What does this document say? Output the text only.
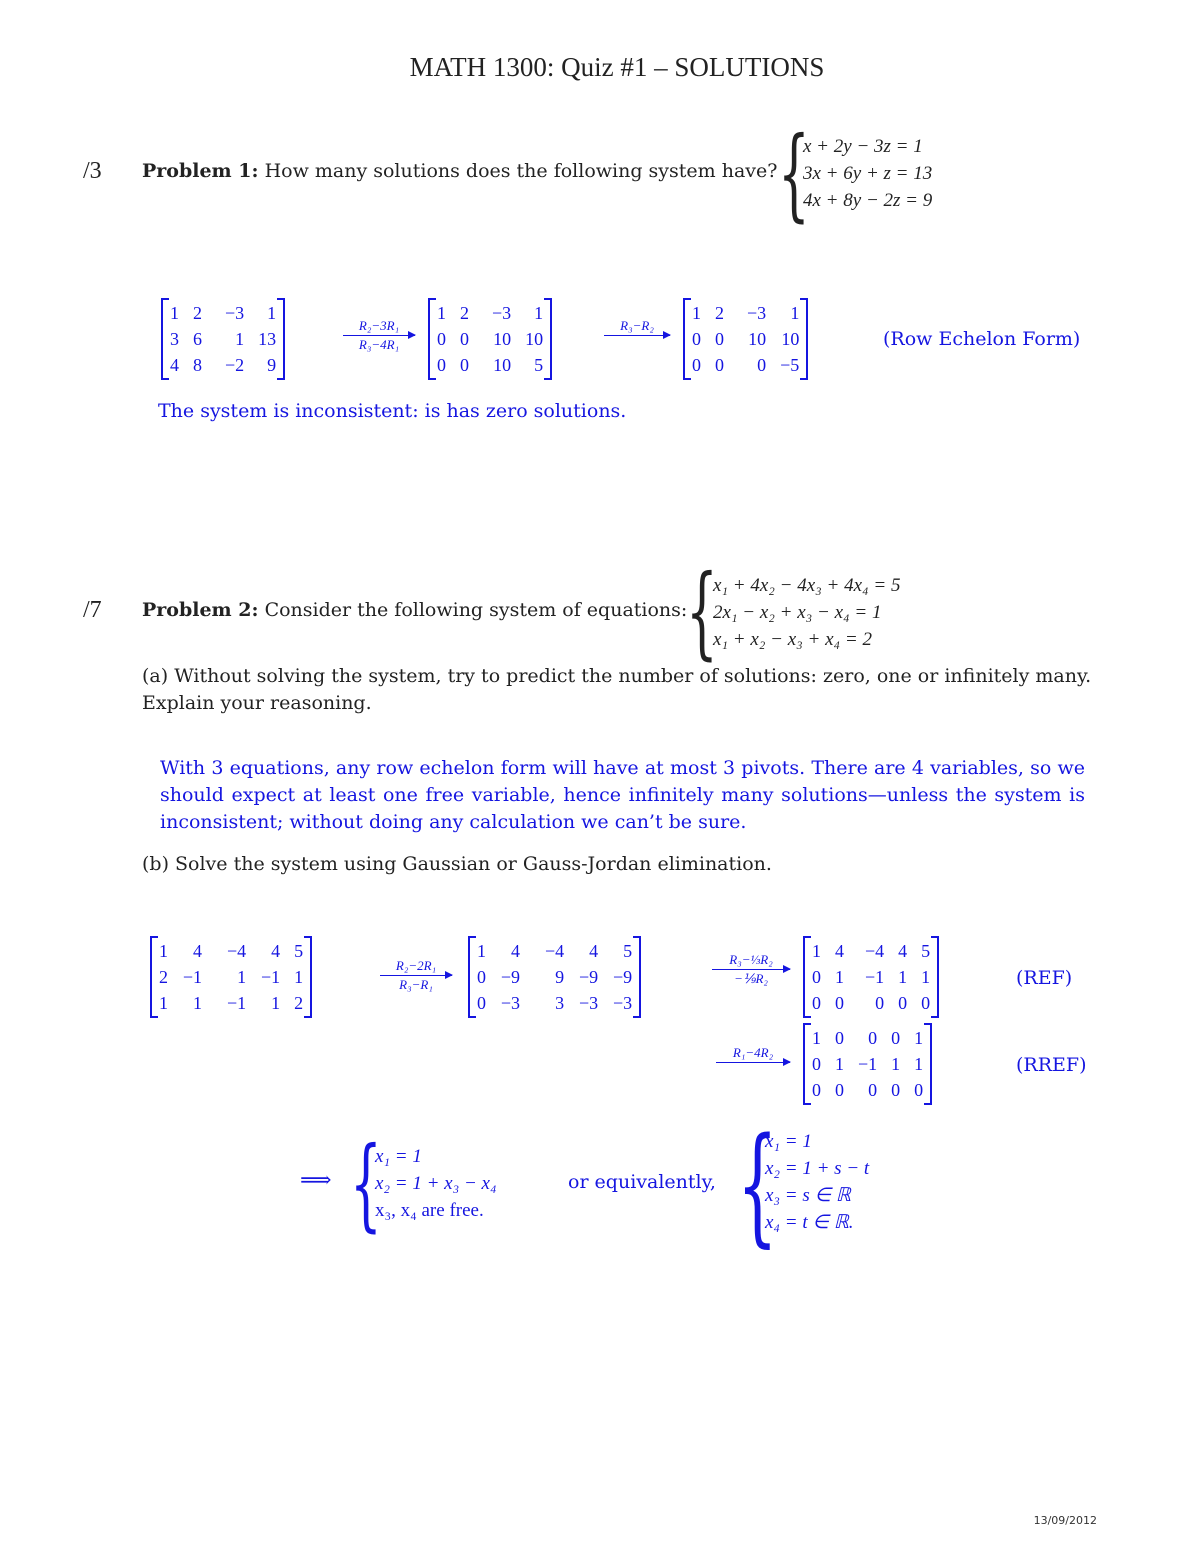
MATH 1300: Quiz #1 – SOLUTIONS
/3 Problem 1: How many solutions does the following system have? {
x + 2y − 3z = 1
3x + 6y + z = 13
4x + 8y − 2z = 9
1	2	−3	1
3	6	1	13
4	8	−2	9
R₂−3R₁
R₃−4R₁
1	2	−3	1
0	0	10	10
0	0	10	5
R₃−R₂
1	2	−3	1
0	0	10	10
0	0	0	−5
(Row Echelon Form)
The system is inconsistent: is has zero solutions.
/7 Problem 2: Consider the following system of equations:
{
x₁ + 4x₂ − 4x₃ + 4x₄ = 5
2x₁ − x₂ + x₃ − x₄ = 1
x₁ + x₂ − x₃ + x₄ = 2
(a) Without solving the system, try to predict the number of solutions: zero, one or infinitely many. Explain your reasoning.
With 3 equations, any row echelon form will have at most 3 pivots. There are 4 variables, so we should expect at least one free variable, hence infinitely many solutions—unless the system is inconsistent; without doing any calculation we can’t be sure.
(b) Solve the system using Gaussian or Gauss-Jordan elimination.
1	4	−4	4	5
2	−1	1	−1	1
1	1	−1	1	2
R₂−2R₁
R₃−R₁
1	4	−4	4	5
0	−9	9	−9	−9
0	−3	3	−3	−3
R₃−⅓R₂
−⅑R₂
1	4	−4	4	5
0	1	−1	1	1
0	0	0	0	0
(REF)
R₁−4R₂
1	0	0	0	1
0	1	−1	1	1
0	0	0	0	0
(RREF)
⟹ {
x₁ = 1
x₂ = 1 + x₃ − x₄
x₃, x₄ are free.
or equivalently, {
x₁ = 1
x₂ = 1 + s − t
x₃ = s ∈ ℝ
x₄ = t ∈ ℝ.
13/09/2012
